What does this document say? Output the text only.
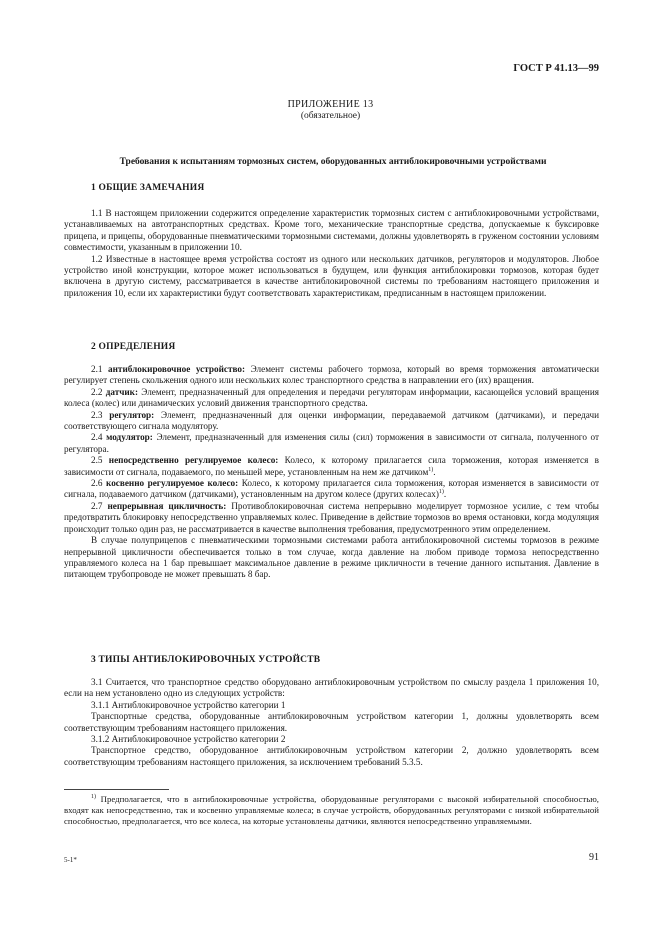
ГОСТ Р 41.13—99
ПРИЛОЖЕНИЕ 13
(обязательное)
Требования к испытаниям тормозных систем, оборудованных антиблокировочными устройствами
1 ОБЩИЕ ЗАМЕЧАНИЯ

1.1 В настоящем приложении содержится определение характеристик тормозных систем с антиблокировочными устройствами, устанавливаемых на автотранспортных средствах. Кроме того, механические транспортные средства, допускаемые к буксировке прицепа, и прицепы, оборудованные пневматическими тормозными системами, должны удовлетворять в груженом состоянии условиям совместимости, указанным в приложении 10.

1.2 Известные в настоящее время устройства состоят из одного или нескольких датчиков, регуляторов и модуляторов. Любое устройство иной конструкции, которое может использоваться в будущем, или функция антиблокировки тормозов, которая будет включена в другую систему, рассматривается в качестве антиблокировочной системы по требованиям настоящего приложения и приложения 10, если их характеристики будут соответствовать характеристикам, предписанным в настоящем приложении.

2 ОПРЕДЕЛЕНИЯ

2.1 антиблокировочное устройство: Элемент системы рабочего тормоза, который во время торможения автоматически регулирует степень скольжения одного или нескольких колес транспортного средства в направлении его (их) вращения.

2.2 датчик: Элемент, предназначенный для определения и передачи регуляторам информации, касающейся условий вращения колеса (колес) или динамических условий движения транспортного средства.

2.3 регулятор: Элемент, предназначенный для оценки информации, передаваемой датчиком (датчиками), и передачи соответствующего сигнала модулятору.

2.4 модулятор: Элемент, предназначенный для изменения силы (сил) торможения в зависимости от сигнала, полученного от регулятора.

2.5 непосредственно регулируемое колесо: Колесо, к которому прилагается сила торможения, которая изменяется в зависимости от сигнала, подаваемого, по меньшей мере, установленным на нем же датчиком$^{1)}$.

2.6 косвенно регулируемое колесо: Колесо, к которому прилагается сила торможения, которая изменяется в зависимости от сигнала, подаваемого датчиком (датчиками), установленным на другом колесе (других колесах)$^{1)}$.

2.7 непрерывная цикличность: Противоблокировочная система непрерывно моделирует тормозное усилие, с тем чтобы предотвратить блокировку непосредственно управляемых колес. Приведение в действие тормозов во время остановки, когда модуляция происходит только один раз, не рассматривается в качестве выполнения требования, предусмотренного этим определением.

В случае полуприцепов с пневматическими тормозными системами работа антиблокировочной системы тормозов в режиме непрерывной цикличности обеспечивается только в том случае, когда давление на любом приводе тормоза непосредственно управляемого колеса на 1 бар превышает максимальное давление в режиме цикличности в течение данного испытания. Давление в питающем трубопроводе не может превышать 8 бар.

3 ТИПЫ АНТИБЛОКИРОВОЧНЫХ УСТРОЙСТВ

3.1 Считается, что транспортное средство оборудовано антиблокировочным устройством по смыслу раздела 1 приложения 10, если на нем установлено одно из следующих устройств:

3.1.1 Антиблокировочное устройство категории 1

Транспортные средства, оборудованные антиблокировочным устройством категории 1, должны удовлетворять всем соответствующим требованиям настоящего приложения.

3.1.2 Антиблокировочное устройство категории 2

Транспортное средство, оборудованное антиблокировочным устройством категории 2, должно удовлетворять всем соответствующим требованиям настоящего приложения, за исключением требований 5.3.5.

$^{1)}$ Предполагается, что в антиблокировочные устройства, оборудованные регуляторами с высокой избирательной способностью, входят как непосредственно, так и косвенно управляемые колеса; в случае устройств, оборудованных регуляторами с низкой избирательной способностью, предполагается, что все колеса, на которые установлены датчики, являются непосредственно управляемыми.

5-1*	91
